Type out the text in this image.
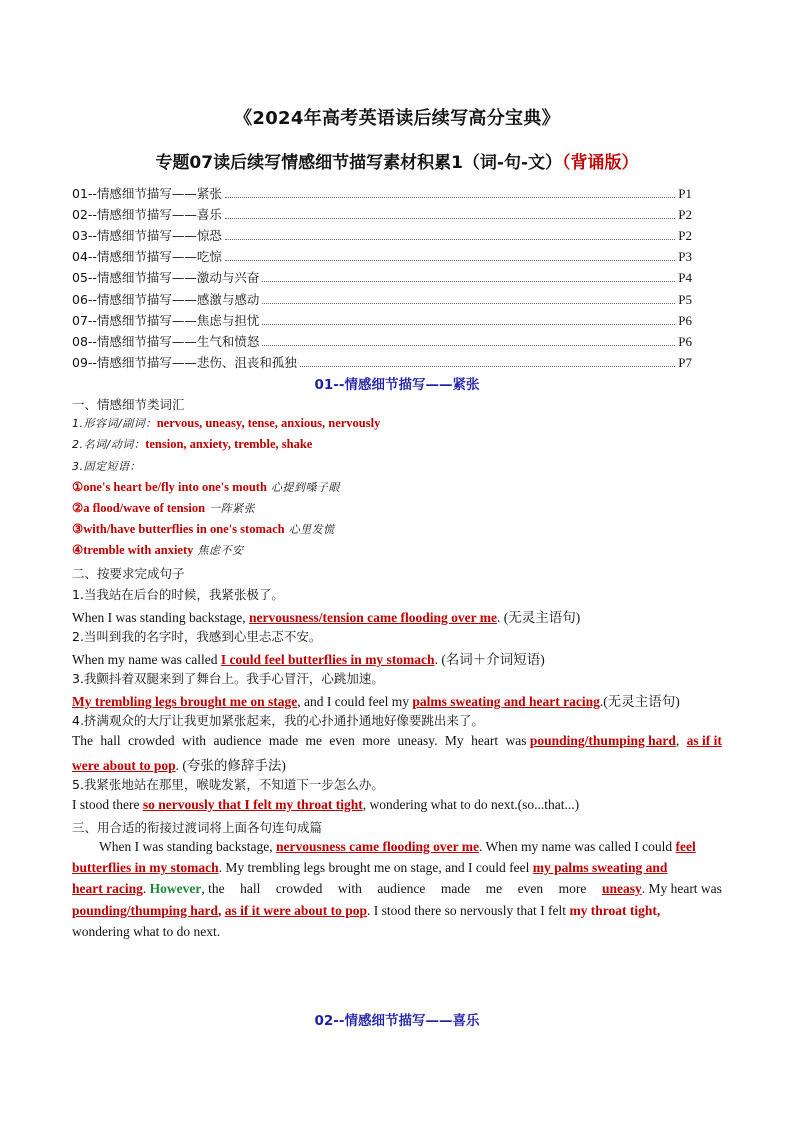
《2024年高考英语读后续写高分宝典》
专题07读后续写情感细节描写素材积累1（词-句-文）（背诵版）
01--情感细节描写——紧张	P1
02--情感细节描写——喜乐	P2
03--情感细节描写——惊恐	P2
04--情感细节描写——吃惊	P3
05--情感细节描写——激动与兴奋	P4
06--情感细节描写——感激与感动	P5
07--情感细节描写——焦虑与担忧	P6
08--情感细节描写——生气和愤怒	P6
09--情感细节描写——悲伤、沮丧和孤独	P7
01--情感细节描写——紧张
一、情感细节类词汇
1.形容词/副词：nervous, uneasy, tense, anxious, nervously
2.名词/动词：tension, anxiety, tremble, shake
3.固定短语：
①one's heart be/fly into one's mouth 心提到嗓子眼
②a flood/wave of tension 一阵紧张
③with/have butterflies in one's stomach 心里发慌
④tremble with anxiety 焦虑不安
二、按要求完成句子
1.当我站在后台的时候，我紧张极了。
When I was standing backstage, nervousness/tension came flooding over me. (无灵主语句)
2.当叫到我的名字时，我感到心里忐忑不安。
When my name was called I could feel butterflies in my stomach. (名词＋介词短语)
3.我颤抖着双腿来到了舞台上。我手心冒汗，心跳加速。
My trembling legs brought me on stage, and I could feel my palms sweating and heart racing.(无灵主语句)
4.挤满观众的大厅让我更加紧张起来，我的心扑通扑通地好像要跳出来了。
The hall crowded with audience made me even more uneasy. My heart was pounding/thumping hard, as if it
were about to pop. (夸张的修辞手法)
5.我紧张地站在那里，喉咙发紧，不知道下一步怎么办。
I stood there so nervously that I felt my throat tight, wondering what to do next.(so...that...)
三、用合适的衔接过渡词将上面各句连句成篇
When I was standing backstage, nervousness came flooding over me. When my name was called I could feel
butterflies in my stomach. My trembling legs brought me on stage, and I could feel my palms sweating and
heart racing. However, the hall crowded with audience made me even more uneasy. My heart was
pounding/thumping hard, as if it were about to pop. I stood there so nervously that I felt my throat tight,
wondering what to do next.
02--情感细节描写——喜乐
